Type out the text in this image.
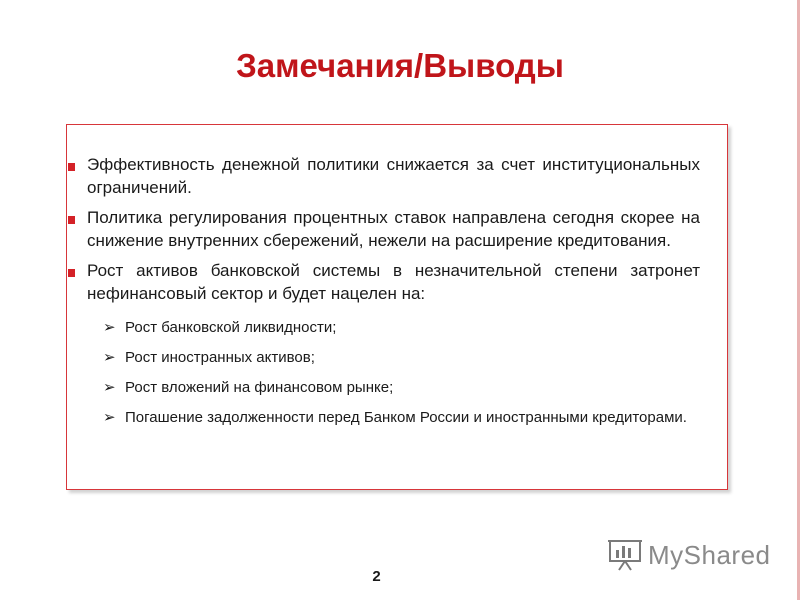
Замечания/Выводы
Эффективность денежной политики снижается за счет институциональных ограничений.
Политика регулирования процентных ставок направлена сегодня скорее на снижение внутренних сбережений, нежели на расширение кредитования.
Рост активов банковской системы в незначительной степени затронет нефинансовый сектор и будет нацелен на:
➢ Рост банковской ликвидности;
➢ Рост иностранных активов;
➢ Рост вложений на финансовом рынке;
➢ Погашение задолженности перед Банком России и иностранными кредиторами.
2
MyShared
